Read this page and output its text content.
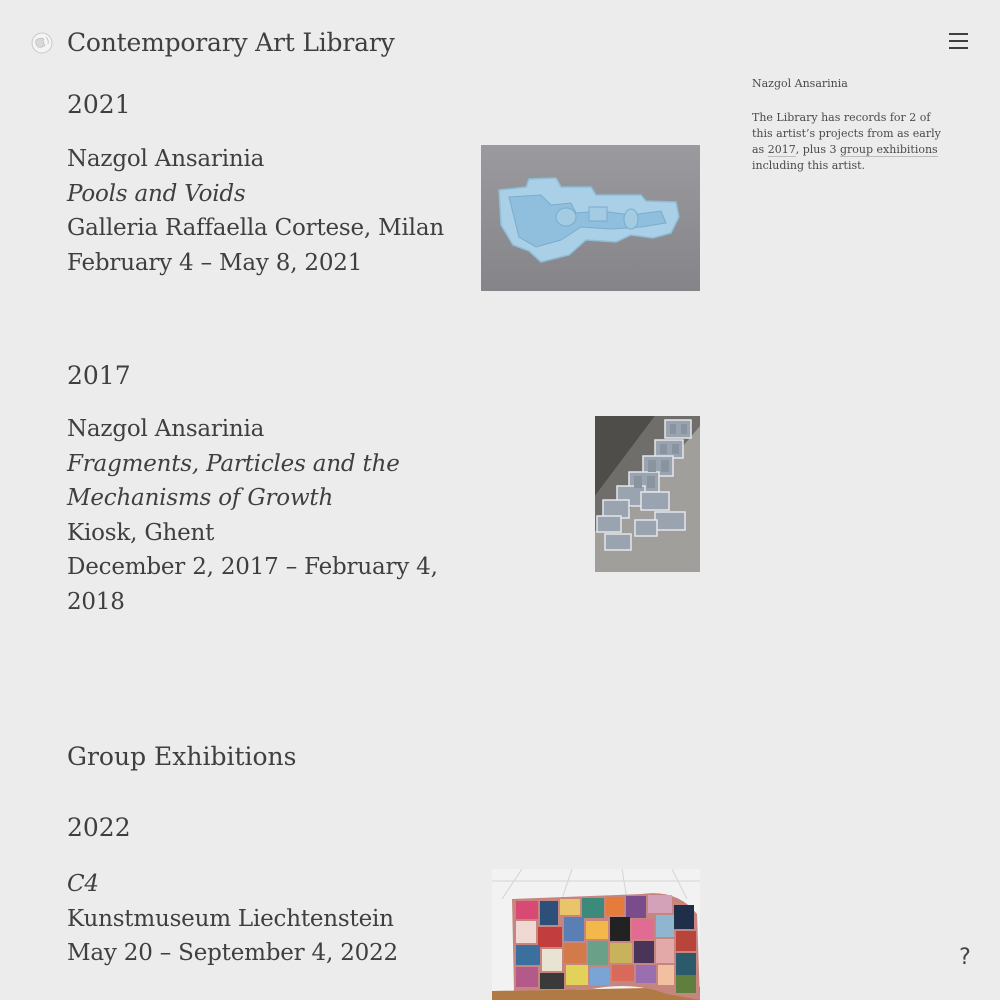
Contemporary Art Library

Nazgol Ansarinia

The Library has records for 2 of this artist’s projects from as early as 2017, plus 3 group exhibitions including this artist.

2021
Nazgol Ansarinia
Pools and Voids
Galleria Raffaella Cortese, Milan
February 4 – May 8, 2021
2017
Nazgol Ansarinia
Fragments, Particles and the Mechanisms of Growth
Kiosk, Ghent
December 2, 2017 – February 4, 2018
Group Exhibitions
2022
C4
Kunstmuseum Liechtenstein
May 20 – September 4, 2022	?
